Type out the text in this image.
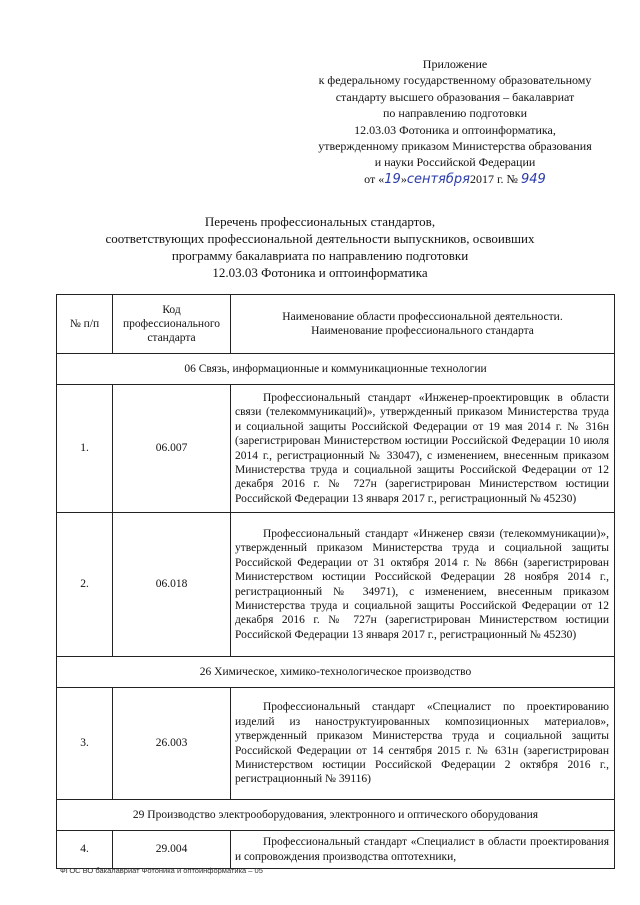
Приложение
к федеральному государственному образовательному
стандарту высшего образования – бакалавриат
по направлению подготовки
12.03.03 Фотоника и оптоинформатика,
утвержденному приказом Министерства образования
и науки Российской Федерации
от «19»сентября2017 г. № 949
Перечень профессиональных стандартов,
соответствующих профессиональной деятельности выпускников, освоивших
программу бакалавриата по направлению подготовки
12.03.03 Фотоника и оптоинформатика
№ п/п	Код профессионального стандарта	Наименование области профессиональной деятельности. Наименование профессионального стандарта
06 Связь, информационные и коммуникационные технологии		
1.	06.007	Профессиональный стандарт «Инженер-проектировщик в области связи (телекоммуникаций)», утвержденный приказом Министерства труда и социальной защиты Российской Федерации от 19 мая 2014 г. № 316н (зарегистрирован Министерством юстиции Российской Федерации 10 июля 2014 г., регистрационный № 33047), с изменением, внесенным приказом Министерства труда и социальной защиты Российской Федерации от 12 декабря 2016 г. № 727н (зарегистрирован Министерством юстиции Российской Федерации 13 января 2017 г., регистрационный № 45230)

2.	06.018	Профессиональный стандарт «Инженер связи (телекоммуникации)», утвержденный приказом Министерства труда и социальной защиты Российской Федерации от 31 октября 2014 г. № 866н (зарегистрирован Министерством юстиции Российской Федерации 28 ноября 2014 г., регистрационный № 34971), с изменением, внесенным приказом Министерства труда и социальной защиты Российской Федерации от 12 декабря 2016 г. № 727н (зарегистрирован Министерством юстиции Российской Федерации 13 января 2017 г., регистрационный № 45230)

26 Химическое, химико-технологическое производство		
3.	26.003	Профессиональный стандарт «Специалист по проектированию изделий из наноструктуированных композиционных материалов», утвержденный приказом Министерства труда и социальной защиты Российской Федерации от 14 сентября 2015 г. № 631н (зарегистрирован Министерством юстиции Российской Федерации 2 октября 2016 г., регистрационный № 39116)

29 Производство электрооборудования, электронного и оптического оборудования		
4.	29.004	Профессиональный стандарт «Специалист в области проектирования и сопровождения производства оптотехники,
ФГОС ВО бакалавриат Фотоника и оптоинформатика – 05
